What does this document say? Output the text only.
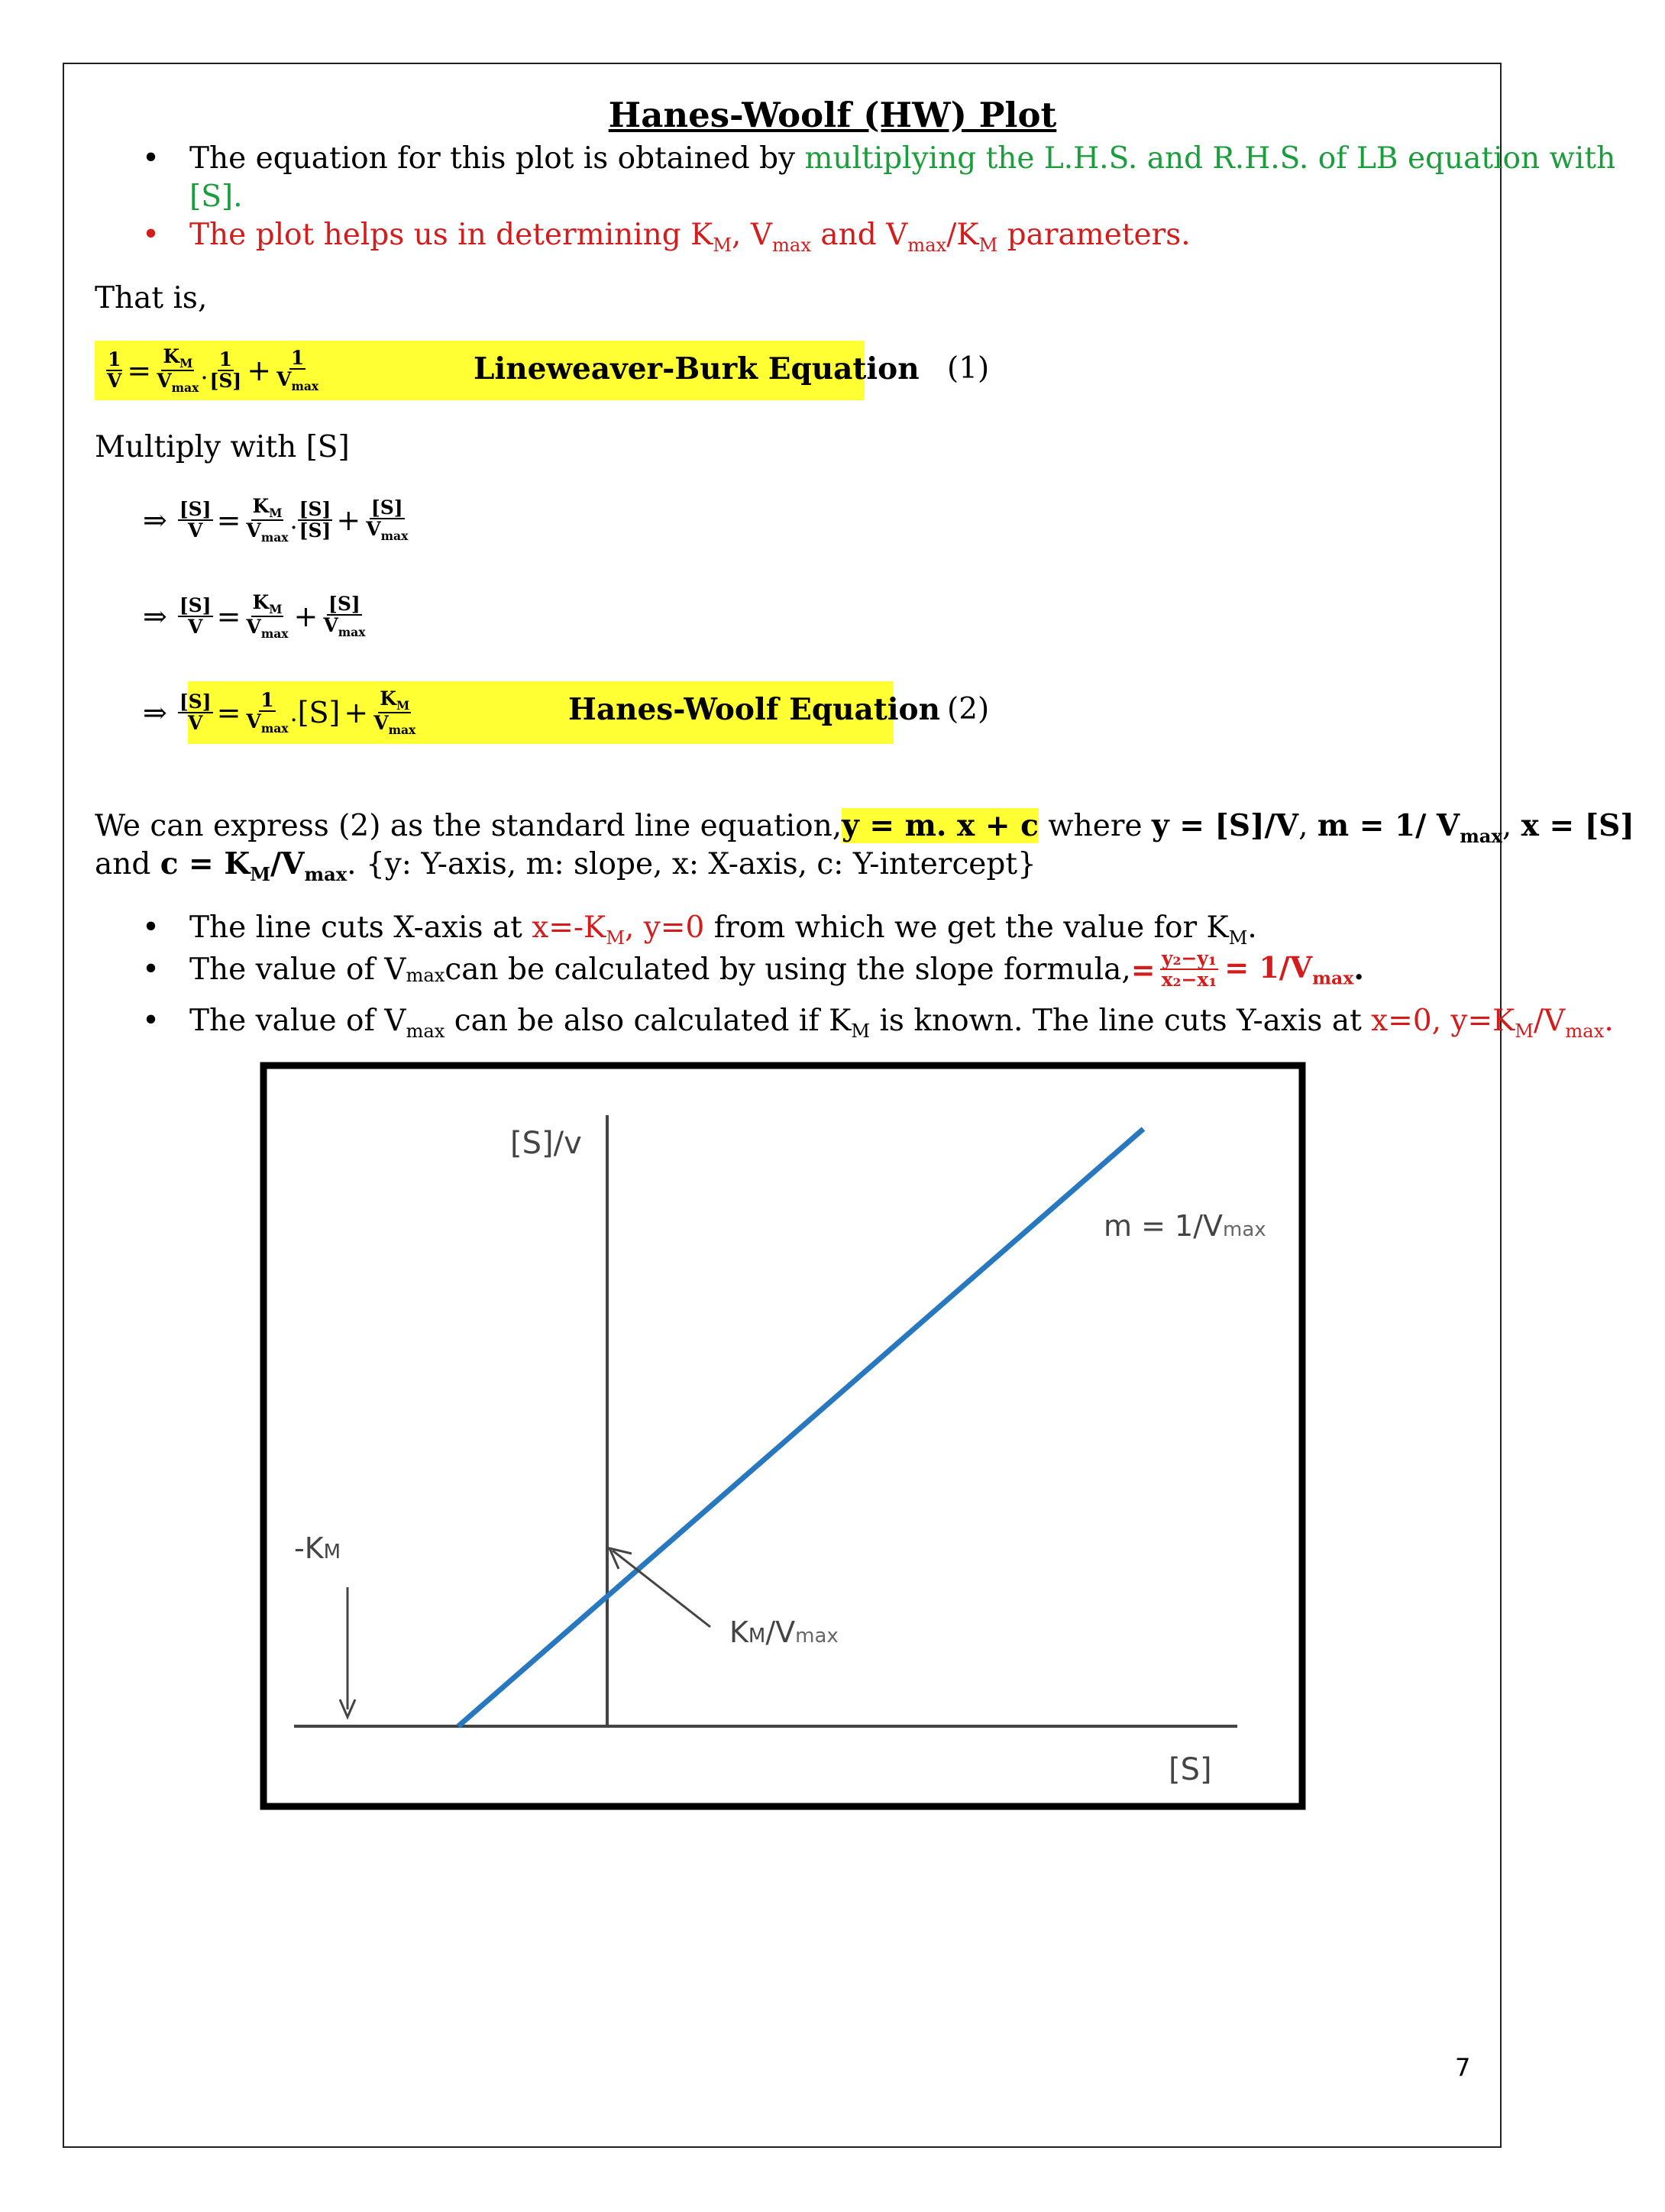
Hanes-Woolf (HW) Plot
• The equation for this plot is obtained by multiplying the L.H.S. and R.H.S. of LB equation with
[S].
• The plot helps us in determining $K_M$, $V_{max}$ and $V_{max}/K_M$ parameters.
That is,
$\frac{1}{V} = \frac{K_M}{V_{max}}$ . $\frac{1}{[S]} + \frac{1}{V_{max}}$	Lineweaver-Burk Equation (1)
Multiply with [S]
⇒ $\frac{[S]}{V} = \frac{K_M}{V_{max}}$ . $\frac{[S]}{[S]} + \frac{[S]}{V_{max}}$
⇒ $\frac{[S]}{V} = \frac{K_M}{V_{max}} + \frac{[S]}{V_{max}}$
⇒ $\frac{[S]}{V} = \frac{1}{V_{max}}$ . $[S] + \frac{K_M}{V_{max}}$	Hanes-Woolf Equation (2)
We can express (2) as the standard line equation,y = m. x + c where y = [S]/V, m = 1/ $V_{max}$, x = [S]
and $c = K_M/V_{max}$. {y: Y-axis, m: slope, x: X-axis, c: Y-intercept}
• The line cuts X-axis at $x=-K_M$, y=0 from which we get the value for $K_M$.
• The value of $V_{max}$ can be calculated by using the slope formula, = $\frac{\text{y₂−y₁}}{\text{x₂−x₁}} = 1/V_{max}$ .
• The value of $V_{max}$ can be also calculated if $K_M$ is known. The line cuts Y-axis at x=0, $y=K_M/V_{max}$.
[S]/v
[S]
m = 1/Vmax
-KM
KM/Vmax
7
